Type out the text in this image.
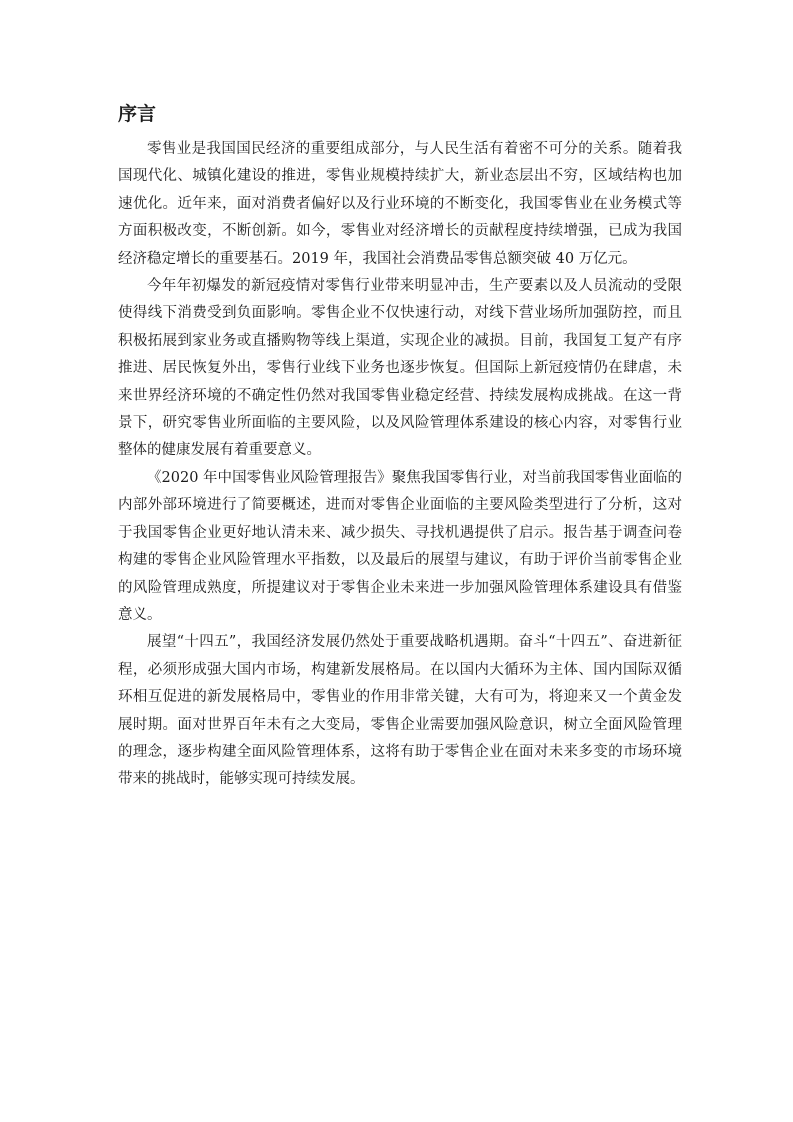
序言

零售业是我国国民经济的重要组成部分，与人民生活有着密不可分的关系。随着我国现代化、城镇化建设的推进，零售业规模持续扩大，新业态层出不穷，区域结构也加速优化。近年来，面对消费者偏好以及行业环境的不断变化，我国零售业在业务模式等方面积极改变，不断创新。如今，零售业对经济增长的贡献程度持续增强，已成为我国经济稳定增长的重要基石。2019 年，我国社会消费品零售总额突破 40 万亿元。

今年年初爆发的新冠疫情对零售行业带来明显冲击，生产要素以及人员流动的受限使得线下消费受到负面影响。零售企业不仅快速行动，对线下营业场所加强防控，而且积极拓展到家业务或直播购物等线上渠道，实现企业的减损。目前，我国复工复产有序推进、居民恢复外出，零售行业线下业务也逐步恢复。但国际上新冠疫情仍在肆虐，未来世界经济环境的不确定性仍然对我国零售业稳定经营、持续发展构成挑战。在这一背景下，研究零售业所面临的主要风险，以及风险管理体系建设的核心内容，对零售行业整体的健康发展有着重要意义。

《2020 年中国零售业风险管理报告》聚焦我国零售行业，对当前我国零售业面临的内部外部环境进行了简要概述，进而对零售企业面临的主要风险类型进行了分析，这对于我国零售企业更好地认清未来、减少损失、寻找机遇提供了启示。报告基于调查问卷构建的零售企业风险管理水平指数，以及最后的展望与建议，有助于评价当前零售企业的风险管理成熟度，所提建议对于零售企业未来进一步加强风险管理体系建设具有借鉴意义。

展望“十四五”，我国经济发展仍然处于重要战略机遇期。奋斗“十四五”、奋进新征程，必须形成强大国内市场，构建新发展格局。在以国内大循环为主体、国内国际双循环相互促进的新发展格局中，零售业的作用非常关键，大有可为，将迎来又一个黄金发展时期。面对世界百年未有之大变局，零售企业需要加强风险意识，树立全面风险管理的理念，逐步构建全面风险管理体系，这将有助于零售企业在面对未来多变的市场环境带来的挑战时，能够实现可持续发展。
